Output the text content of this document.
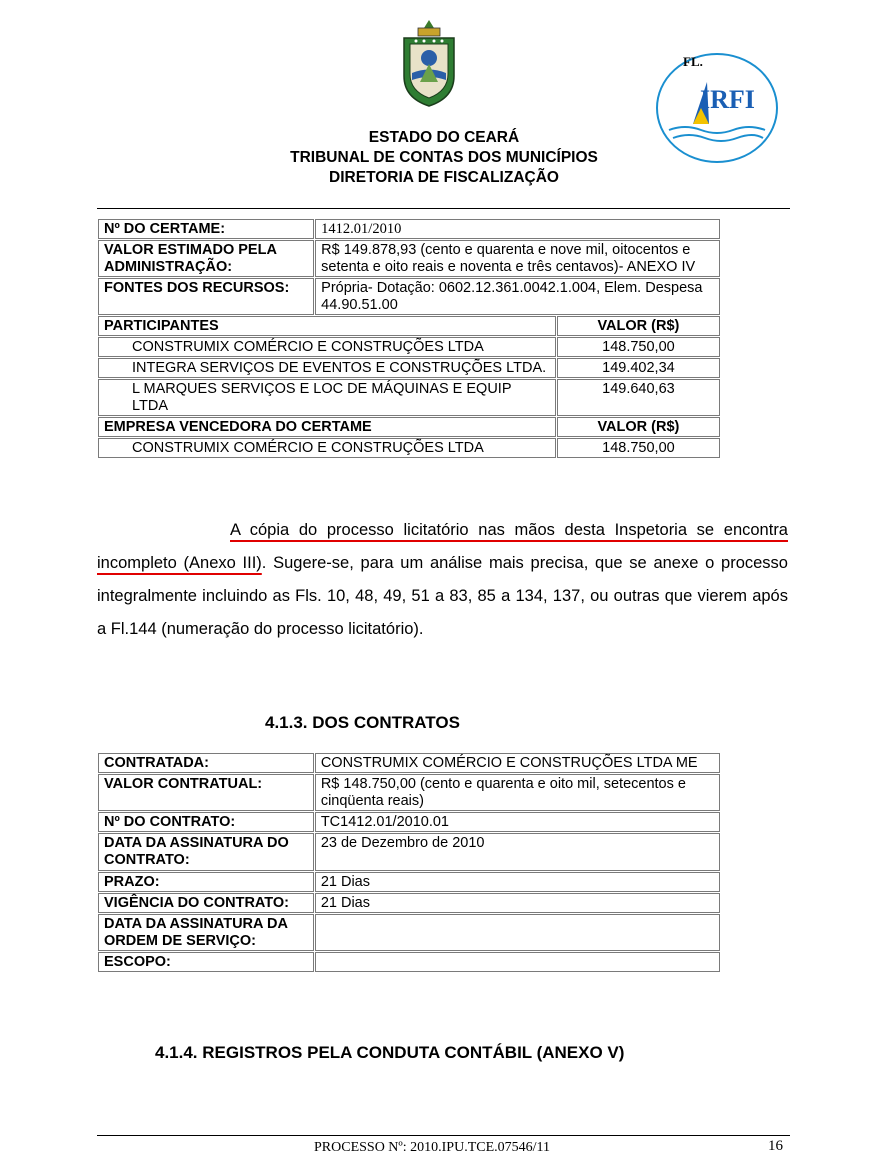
FL.
IRFI
ESTADO DO CEARÁ
TRIBUNAL DE CONTAS DOS MUNICÍPIOS
DIRETORIA DE FISCALIZAÇÃO
Nº DO CERTAME:	1412.01/2010	
VALOR ESTIMADO PELA ADMINISTRAÇÃO:	R$ 149.878,93 (cento e quarenta e nove mil, oitocentos e setenta e oito reais e noventa e três centavos)- ANEXO IV	
FONTES DOS RECURSOS:	Própria- Dotação: 0602.12.361.0042.1.004, Elem. Despesa 44.90.51.00	
PARTICIPANTES		VALOR (R$)
CONSTRUMIX COMÉRCIO E CONSTRUÇÕES LTDA		148.750,00
INTEGRA SERVIÇOS DE EVENTOS E CONSTRUÇÕES LTDA.		149.402,34
L MARQUES SERVIÇOS E LOC DE MÁQUINAS E EQUIP LTDA		149.640,63
EMPRESA VENCEDORA DO CERTAME		VALOR (R$)
CONSTRUMIX COMÉRCIO E CONSTRUÇÕES LTDA		148.750,00
A cópia do processo licitatório nas mãos desta Inspetoria se encontra incompleto (Anexo III). Sugere-se, para um análise mais precisa, que se anexe o processo integralmente incluindo as Fls. 10, 48, 49, 51 a 83, 85 a 134, 137, ou outras que vierem após a Fl.144 (numeração do processo licitatório).
4.1.3. DOS CONTRATOS
CONTRATADA:	CONSTRUMIX COMÉRCIO E CONSTRUÇÕES LTDA ME
VALOR CONTRATUAL:	R$ 148.750,00 (cento e quarenta e oito mil, setecentos e cinqüenta reais)
Nº DO CONTRATO:	TC1412.01/2010.01
DATA DA ASSINATURA DO CONTRATO:	23 de Dezembro de 2010
PRAZO:	21 Dias
VIGÊNCIA DO CONTRATO:	21 Dias
DATA DA ASSINATURA DA ORDEM DE SERVIÇO:	
ESCOPO:	
4.1.4. REGISTROS PELA CONDUTA CONTÁBIL (ANEXO V)
PROCESSO Nº: 2010.IPU.TCE.07546/11	16
